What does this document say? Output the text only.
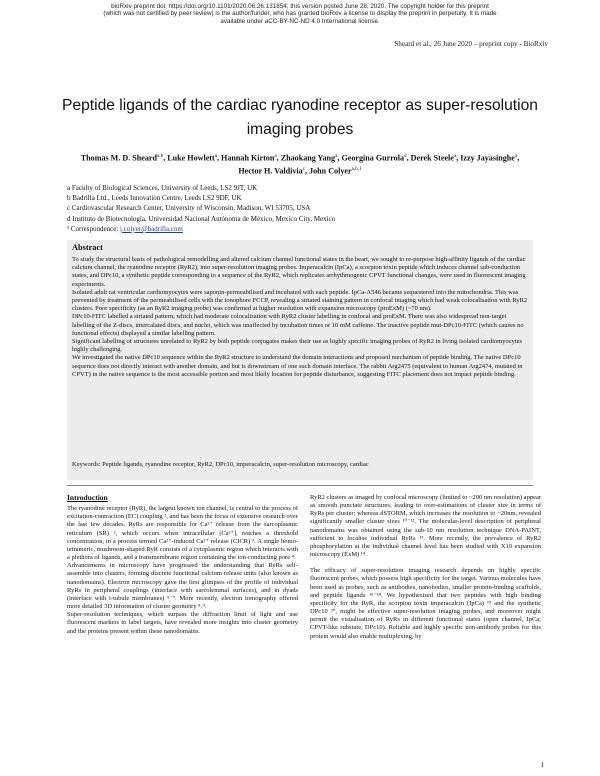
bioRxiv preprint doi: https://doi.org/10.1101/2020.06.26.131854; this version posted June 28, 2020. The copyright holder for this preprint
(which was not certified by peer review) is the author/funder, who has granted bioRxiv a license to display the preprint in perpetuity. It is made
available under aCC-BY-NC-ND 4.0 International license.
Sheard et al., 26 June 2020 – preprint copy - BioRxiv
Peptide ligands of the cardiac ryanodine receptor as super-resolution imaging probes
Thomas M. D. Sheard$^{a,b}$, Luke Howlett$^a$, Hannah Kirton$^a$, Zhaokang Yang$^a$, Georgina Gurrola$^d$, Derek Steele$^a$, Izzy Jayasinghe$^a$, Hector H. Valdivia$^c$, John Colyer$^{a,b,1}$
a Faculty of Biological Sciences, University of Leeds, LS2 9JT, UK
b Badrilla Ltd., Leeds Innovation Centre, Leeds LS2 9DF, UK
c Cardiovascular Research Center, University of Wisconsin, Madison, WI 53705, USA
d Instituto de Biotecnología, Universidad Nacional Autónoma de México, Mexico City, Mexico
¹ Correspondence: j.colyer@badrilla.com
Abstract

To study the structural basis of pathological remodelling and altered calcium channel functional states in the heart, we sought to re-purpose high-affinity ligands of the cardiac calcium channel, the ryanodine receptor (RyR2), into super-resolution imaging probes. Imperacalcin (IpCa), a scorpion toxin peptide which induces channel sub-conduction states, and DPc10, a synthetic peptide corresponding to a sequence of the RyR2, which replicates arrhythmogenic CPVT functional changes, were used in fluorescent imaging experiments.

Isolated adult rat ventricular cardiomyocytes were saponin-permeabilised and incubated with each peptide. IpCa-A546 became sequestered into the mitochondria. This was prevented by treatment of the permeabilised cells with the ionophore FCCP, revealing a striated staining pattern in confocal imaging which had weak colocalisation with RyR2 clusters. Poor specificity (as an RyR2 imaging probe) was confirmed at higher resolution with expansion microscopy (proExM) (~70 nm).

DPc10-FITC labelled a striated pattern, which had moderate colocalisation with RyR2 cluster labelling in confocal and proExM. There was also widespread non-target labelling of the Z-discs, intercalated discs, and nuclei, which was unaffected by incubation times or 10 mM caffeine. The inactive peptide mut-DPc10-FITC (which causes no functional effects) displayed a similar labelling pattern.

Significant labelling of structures unrelated to RyR2 by both peptide conjugates makes their use as highly specific imaging probes of RyR2 in living isolated cardiomyocytes highly challenging.

We investigated the native DPc10 sequence within the RyR2 structure to understand the domain interactions and proposed mechanism of peptide binding. The native DPc10 sequence does not directly interact with another domain, and but is downstream of one such domain interface. The rabbit Arg2475 (equivalent to human Arg2474, mutated in CPVT) in the native sequence is the most accessible portion and most likely location for peptide disturbance, suggesting FITC placement does not impact peptide binding.

Keywords: Peptide ligands, ryanodine receptor, RyR2, DPc10, imperacalcin, super-resolution microscopy, cardiac

Introduction

The ryanodine receptor (RyR), the largest known ion channel, is central to the process of excitation-contraction (EC) coupling ¹, and has been the focus of extensive research over the last few decades. RyRs are responsible for Ca²⁺ release from the sarcoplasmic reticulum (SR) ², which occurs when intracellular [Ca²⁺]ᵢ reaches a threshold concentration, in a process termed Ca²⁺-induced Ca²⁺ release (CICR) ³. A single homo-tetrameric, mushroom-shaped RyR consists of a cytoplasmic region which interacts with a plethora of ligands, and a transmembrane region containing the ion-conducting pore ⁴.

Advancements in microscopy have progressed the understanding that RyRs self-assemble into clusters, forming discrete functional calcium release units (also known as nanodomains). Electron microscopy gave the first glimpses of the profile of individual RyRs in peripheral couplings (interface with sarcolemmal surfaces), and in dyads (interface with t-tubule membranes) ⁵⁻⁷. More recently, electron tomography offered more detailed 3D information of cluster geometry ⁸˒⁹.

Super-resolution techniques, which surpass the diffraction limit of light and use fluorescent markers to label targets, have revealed more insights into cluster geometry and the proteins present within these nanodomains.

RyR2 clusters as imaged by confocal microscopy (limited to ~200 nm resolution) appear as smooth punctate structures, leading to over-estimations of cluster size in terms of RyRs per cluster; whereas dSTORM, which increases the resolution to ~20nm, revealed significantly smaller cluster sizes ¹⁰⁻¹². The molecular-level description of peripheral nanodomains was obtained using the sub-10 nm resolution technique DNA-PAINT, sufficient to localise individual RyRs ¹³. More recently, the prevalence of RyR2 phosphorylation at the individual channel level has been studied with X10 expansion microscopy (ExM) ¹⁴.

The efficacy of super-resolution imaging research depends on highly specific fluorescent probes, which possess high specificity for the target. Various molecules have been used as probes, such as antibodies, nanobodies, smaller protein-binding scaffolds, and peptide ligands ¹⁵⁻¹⁸. We hypothesised that two peptides with high binding specificity for the RyR, the scorpion toxin imperacalcin (IpCa) ¹⁹ and the synthetic DPc10 ²⁰, might be effective super-resolution imaging probes, and moreover might permit the visualisation of RyRs in different functional states (open channel, IpCa; CPVT-like substate, DPc10). Reliable and highly specific non-antibody probes for this protein would also enable multiplexing, by

1
